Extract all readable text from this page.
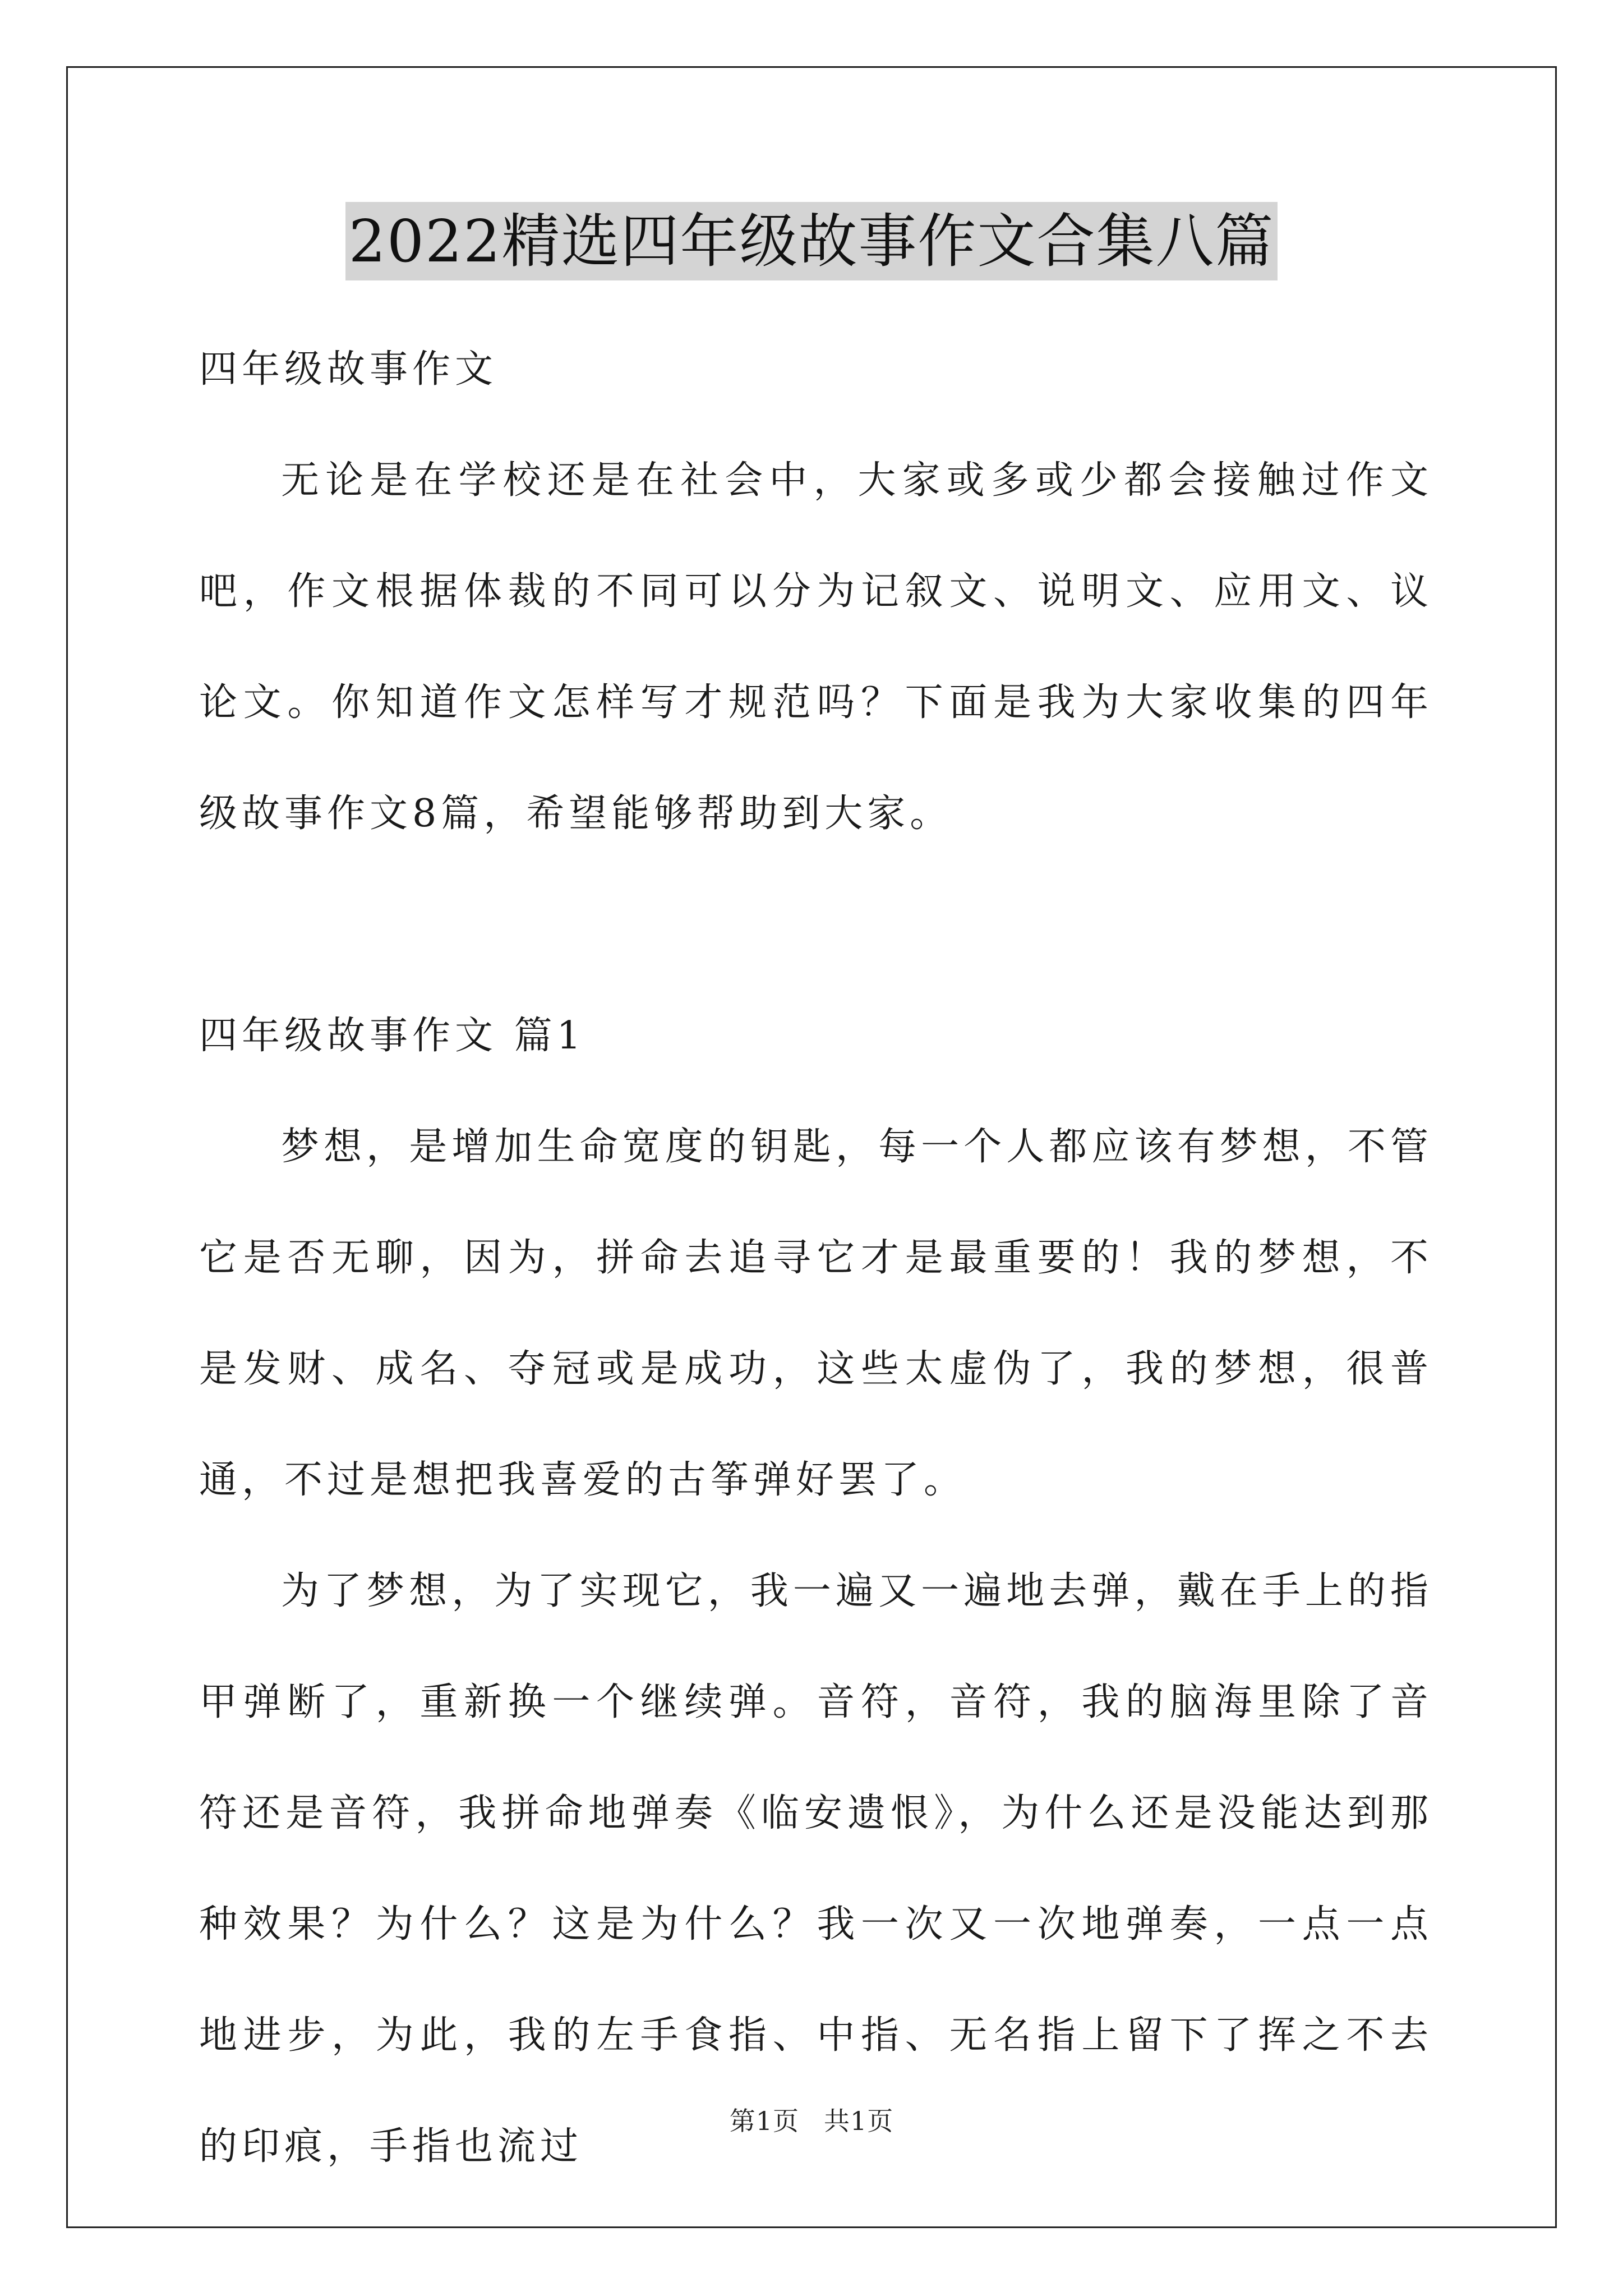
2022精选四年级故事作文合集八篇

四年级故事作文

无论是在学校还是在社会中，大家或多或少都会接触过作文吧，作文根据体裁的不同可以分为记叙文、说明文、应用文、议论文。你知道作文怎样写才规范吗？下面是我为大家收集的四年级故事作文8篇，希望能够帮助到大家。

四年级故事作文 篇1

梦想，是增加生命宽度的钥匙，每一个人都应该有梦想，不管它是否无聊，因为，拼命去追寻它才是最重要的！我的梦想，不是发财、成名、夺冠或是成功，这些太虚伪了，我的梦想，很普通，不过是想把我喜爱的古筝弹好罢了。

为了梦想，为了实现它，我一遍又一遍地去弹，戴在手上的指甲弹断了，重新换一个继续弹。音符，音符，我的脑海里除了音符还是音符，我拼命地弹奏《临安遗恨》，为什么还是没能达到那种效果？为什么？这是为什么？我一次又一次地弹奏，一点一点地进步，为此，我的左手食指、中指、无名指上留下了挥之不去的印痕，手指也流过

第1页 共1页
